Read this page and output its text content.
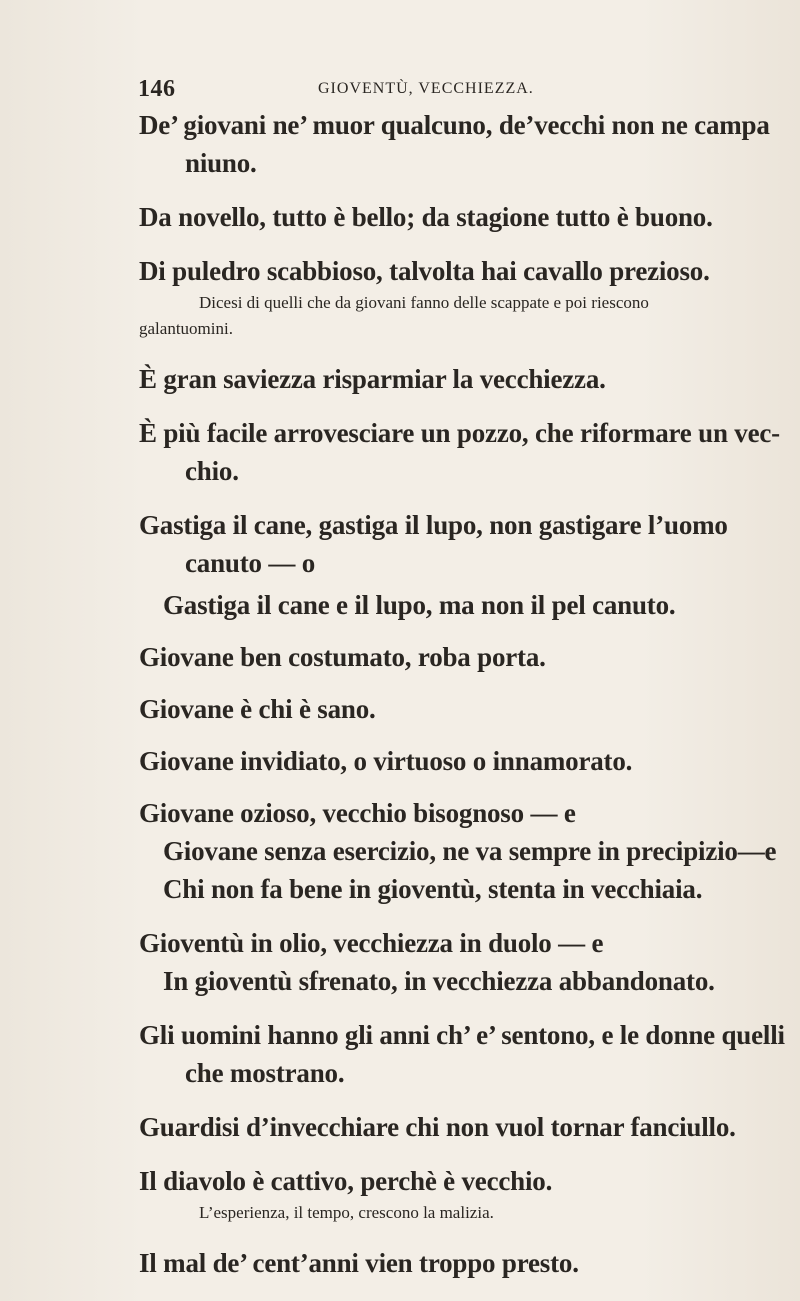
146	GIOVENTÙ, VECCHIEZZA.
De’ giovani ne’ muor qualcuno, de’vecchi non ne campa
niuno.
Da novello, tutto è bello; da stagione tutto è buono.
Di puledro scabbioso, talvolta hai cavallo prezioso.
Dicesi di quelli che da giovani fanno delle scappate e poi riescono
galantuomini.
È gran saviezza risparmiar la vecchiezza.
È più facile arrovesciare un pozzo, che riformare un vec-
chio.
Gastiga il cane, gastiga il lupo, non gastigare l’uomo
canuto — o
Gastiga il cane e il lupo, ma non il pel canuto.
Giovane ben costumato, roba porta.
Giovane è chi è sano.
Giovane invidiato, o virtuoso o innamorato.
Giovane ozioso, vecchio bisognoso — e
Giovane senza esercizio, ne va sempre in precipizio—e
Chi non fa bene in gioventù, stenta in vecchiaia.
Gioventù in olio, vecchiezza in duolo — e
In gioventù sfrenato, in vecchiezza abbandonato.
Gli uomini hanno gli anni ch’ e’ sentono, e le donne quelli
che mostrano.
Guardisi d’invecchiare chi non vuol tornar fanciullo.
Il diavolo è cattivo, perchè è vecchio.
L’esperienza, il tempo, crescono la malizia.
Il mal de’ cent’anni vien troppo presto.
